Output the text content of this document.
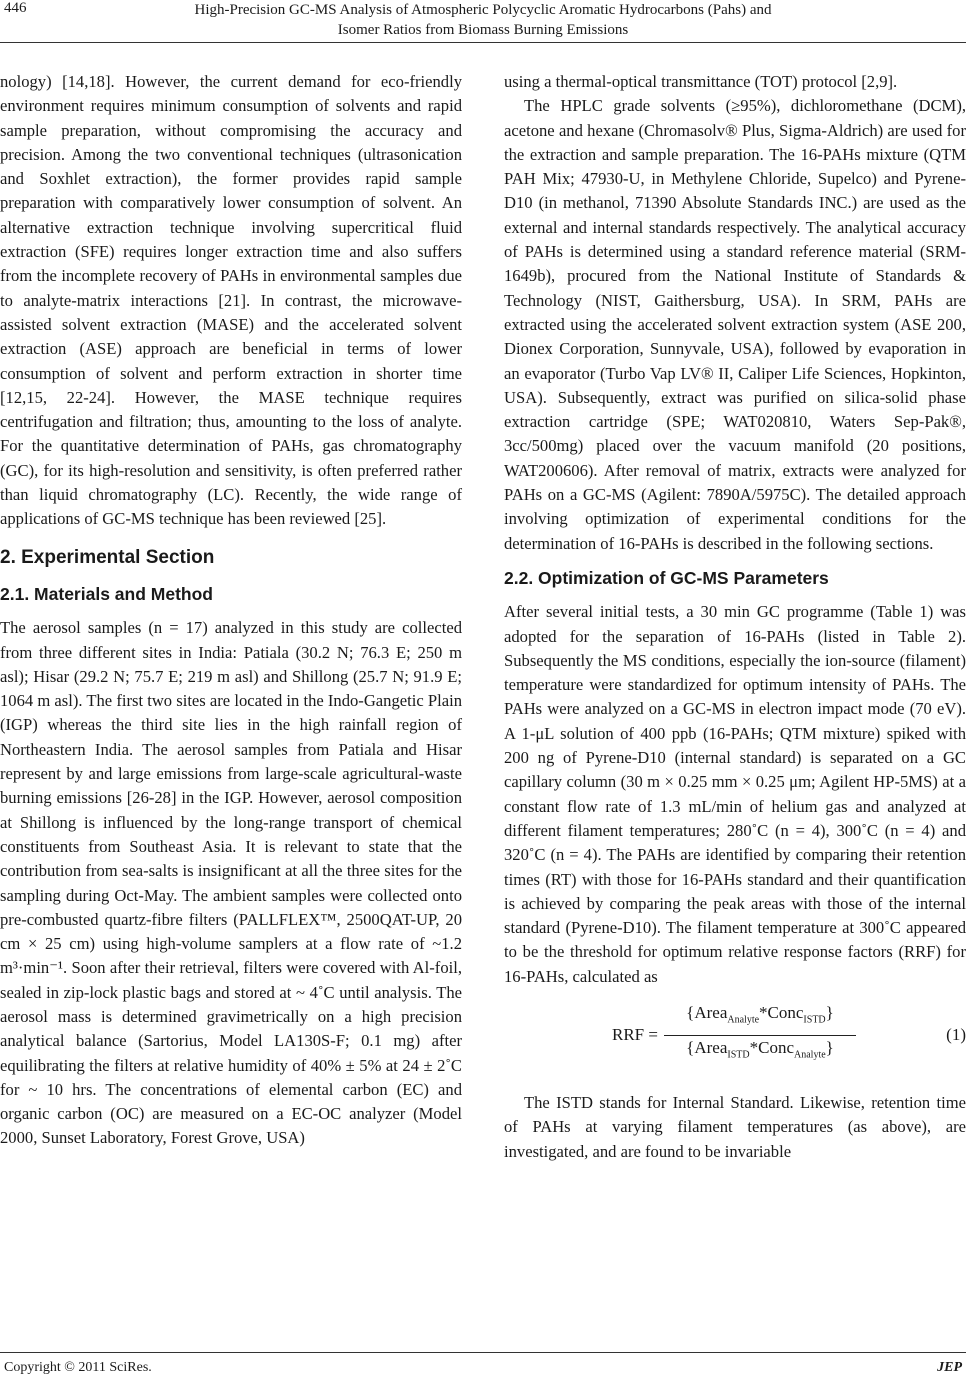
446	High-Precision GC-MS Analysis of Atmospheric Polycyclic Aromatic Hydrocarbons (Pahs) and
Isomer Ratios from Biomass Burning Emissions

nology) [14,18]. However, the current demand for eco-friendly environment requires minimum consumption of solvents and rapid sample preparation, without compromising the accuracy and precision. Among the two conventional techniques (ultrasonication and Soxhlet extraction), the former provides rapid sample preparation with comparatively lower consumption of solvent. An alternative extraction technique involving supercritical fluid extraction (SFE) requires longer extraction time and also suffers from the incomplete recovery of PAHs in environmental samples due to analyte-matrix interactions [21]. In contrast, the microwave-assisted solvent extraction (MASE) and the accelerated solvent extraction (ASE) approach are beneficial in terms of lower consumption of solvent and perform extraction in shorter time [12,15, 22-24]. However, the MASE technique requires centrifugation and filtration; thus, amounting to the loss of analyte. For the quantitative determination of PAHs, gas chromatography (GC), for its high-resolution and sensitivity, is often preferred rather than liquid chromatography (LC). Recently, the wide range of applications of GC-MS technique has been reviewed [25].

2. Experimental Section
2.1. Materials and Method

The aerosol samples (n = 17) analyzed in this study are collected from three different sites in India: Patiala (30.2 N; 76.3 E; 250 m asl); Hisar (29.2 N; 75.7 E; 219 m asl) and Shillong (25.7 N; 91.9 E; 1064 m asl). The first two sites are located in the Indo-Gangetic Plain (IGP) whereas the third site lies in the high rainfall region of Northeastern India. The aerosol samples from Patiala and Hisar represent by and large emissions from large-scale agricultural-waste burning emissions [26-28] in the IGP. However, aerosol composition at Shillong is influenced by the long-range transport of chemical constituents from Southeast Asia. It is relevant to state that the contribution from sea-salts is insignificant at all the three sites for the sampling during Oct-May. The ambient samples were collected onto pre-combusted quartz-fibre filters (PALLFLEX™, 2500QAT-UP, 20 cm × 25 cm) using high-volume samplers at a flow rate of ~1.2 m³·min⁻¹. Soon after their retrieval, filters were covered with Al-foil, sealed in zip-lock plastic bags and stored at ~ 4˚C until analysis. The aerosol mass is determined gravimetrically on a high precision analytical balance (Sartorius, Model LA130S-F; 0.1 mg) after equilibrating the filters at relative humidity of 40% ± 5% at 24 ± 2˚C for ~ 10 hrs. The concentrations of elemental carbon (EC) and organic carbon (OC) are measured on a EC-OC analyzer (Model 2000, Sunset Laboratory, Forest Grove, USA)

using a thermal-optical transmittance (TOT) protocol [2,9].

The HPLC grade solvents (≥95%), dichloromethane (DCM), acetone and hexane (Chromasolv® Plus, Sigma-Aldrich) are used for the extraction and sample preparation. The 16-PAHs mixture (QTM PAH Mix; 47930-U, in Methylene Chloride, Supelco) and Pyrene-D10 (in methanol, 71390 Absolute Standards INC.) are used as the external and internal standards respectively. The analytical accuracy of PAHs is determined using a standard reference material (SRM-1649b), procured from the National Institute of Standards & Technology (NIST, Gaithersburg, USA). In SRM, PAHs are extracted using the accelerated solvent extraction system (ASE 200, Dionex Corporation, Sunnyvale, USA), followed by evaporation in an evaporator (Turbo Vap LV® II, Caliper Life Sciences, Hopkinton, USA). Subsequently, extract was purified on silica-solid phase extraction cartridge (SPE; WAT020810, Waters Sep-Pak®, 3cc/500mg) placed over the vacuum manifold (20 positions, WAT200606). After removal of matrix, extracts were analyzed for PAHs on a GC-MS (Agilent: 7890A/5975C). The detailed approach involving optimization of experimental conditions for the determination of 16-PAHs is described in the following sections.

2.2. Optimization of GC-MS Parameters

After several initial tests, a 30 min GC programme (Table 1) was adopted for the separation of 16-PAHs (listed in Table 2). Subsequently the MS conditions, especially the ion-source (filament) temperature were standardized for optimum intensity of PAHs. The PAHs were analyzed on a GC-MS in electron impact mode (70 eV). A 1-μL solution of 400 ppb (16-PAHs; QTM mixture) spiked with 200 ng of Pyrene-D10 (internal standard) is separated on a GC capillary column (30 m × 0.25 mm × 0.25 μm; Agilent HP-5MS) at a constant flow rate of 1.3 mL/min of helium gas and analyzed at different filament temperatures; 280˚C (n = 4), 300˚C (n = 4) and 320˚C (n = 4). The PAHs are identified by comparing their retention times (RT) with those for 16-PAHs standard and their quantification is achieved by comparing the peak areas with those of the internal standard (Pyrene-D10). The filament temperature at 300˚C appeared to be the threshold for optimum relative response factors (RRF) for 16-PAHs, calculated as

RRF =
{Area$_{Analyte}$*Conc$_{ISTD}$}
{Area$_{ISTD}$*Conc$_{Analyte}$}
(1)

The ISTD stands for Internal Standard. Likewise, retention time of PAHs at varying filament temperatures (as above), are investigated, and are found to be invariable

Copyright © 2011 SciRes.	JEP
